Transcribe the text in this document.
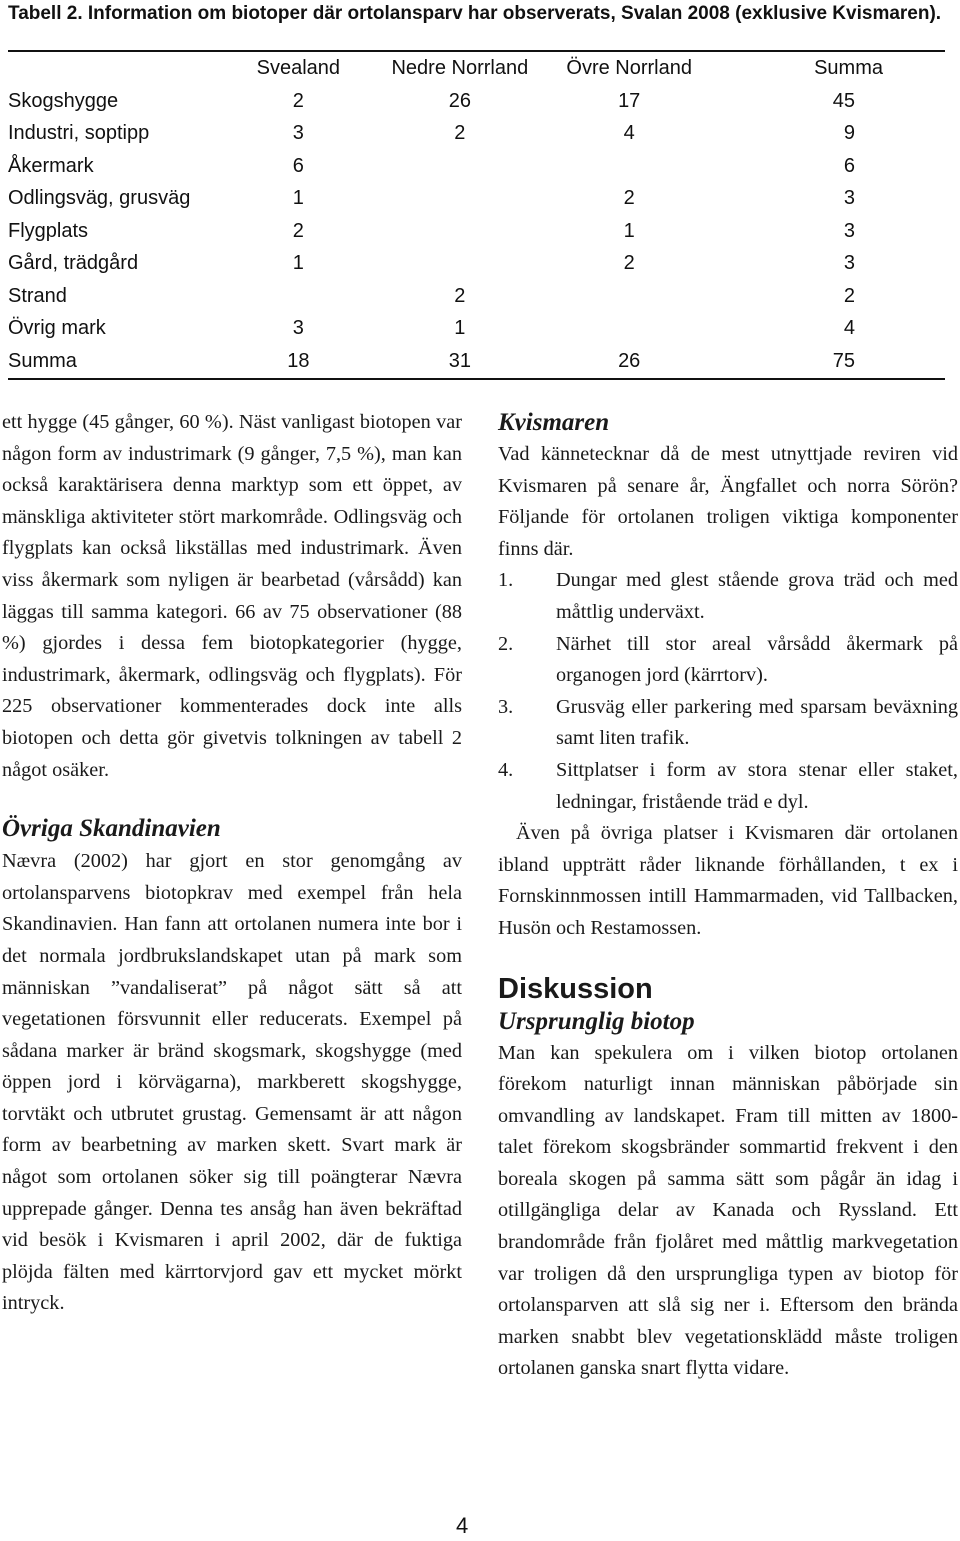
Tabell 2. Information om biotoper där ortolansparv har observerats, Svalan 2008 (exklusive Kvismaren).
	Svealand	Nedre Norrland	Övre Norrland	Summa
Skogshygge	2	26	17	45
Industri, soptipp	3	2	4	9
Åkermark	6			6
Odlingsväg, grusväg	1		2	3
Flygplats	2		1	3
Gård, trädgård	1		2	3
Strand		2		2
Övrig mark	3	1		4
Summa	18	31	26	75

ett hygge (45 gånger, 60 %). Näst vanligast biotopen var någon form av industrimark (9 gånger, 7,5 %), man kan också karaktärisera denna marktyp som ett öppet, av mänskliga aktiviteter stört markområde. Odlingsväg och flygplats kan också likställas med industrimark. Även viss åkermark som nyligen är bearbetad (vårsådd) kan läggas till samma kategori. 66 av 75 observationer (88 %) gjordes i dessa fem biotopkategorier (hygge, industrimark, åkermark, odlingsväg och flygplats). För 225 observationer kommenterades dock inte alls biotopen och detta gör givetvis tolkningen av tabell 2 något osäker.

Övriga Skandinavien

Nævra (2002) har gjort en stor genomgång av ortolansparvens biotopkrav med exempel från hela Skandinavien. Han fann att ortolanen numera inte bor i det normala jordbrukslandskapet utan på mark som människan ”vandaliserat” på något sätt så att vegetationen försvunnit eller reducerats. Exempel på sådana marker är bränd skogsmark, skogshygge (med öppen jord i körvägarna), markberett skogshygge, torvtäkt och utbrutet grustag. Gemensamt är att någon form av bearbetning av marken skett. Svart mark är något som ortolanen söker sig till poängterar Nævra upprepade gånger. Denna tes ansåg han även bekräftad vid besök i Kvismaren i april 2002, där de fuktiga plöjda fälten med kärrtorvjord gav ett mycket mörkt intryck.

Kvismaren

Vad kännetecknar då de mest utnyttjade reviren vid Kvismaren på senare år, Ängfallet och norra Sörön? Följande för ortolanen troligen viktiga komponenter finns där.

1. Dungar med glest stående grova träd och med måttlig underväxt.
2. Närhet till stor areal vårsådd åkermark på organogen jord (kärrtorv).
3. Grusväg eller parkering med sparsam beväxning samt liten trafik.
4. Sittplatser i form av stora stenar eller staket, ledningar, fristående träd e dyl.

Även på övriga platser i Kvismaren där ortolanen ibland uppträtt råder liknande förhållanden, t ex i Fornskinnmossen intill Hammarmaden, vid Tallbacken, Husön och Restamossen.

Diskussion
Ursprunglig biotop

Man kan spekulera om i vilken biotop ortolanen förekom naturligt innan människan påbörjade sin omvandling av landskapet. Fram till mitten av 1800-talet förekom skogsbränder sommartid frekvent i den boreala skogen på samma sätt som pågår än idag i otillgängliga delar av Kanada och Ryssland. Ett brandområde från fjolåret med måttlig markvegetation var troligen då den ursprungliga typen av biotop för ortolansparven att slå sig ner i. Eftersom den brända marken snabbt blev vegetationsklädd måste troligen ortolanen ganska snart flytta vidare.

4
